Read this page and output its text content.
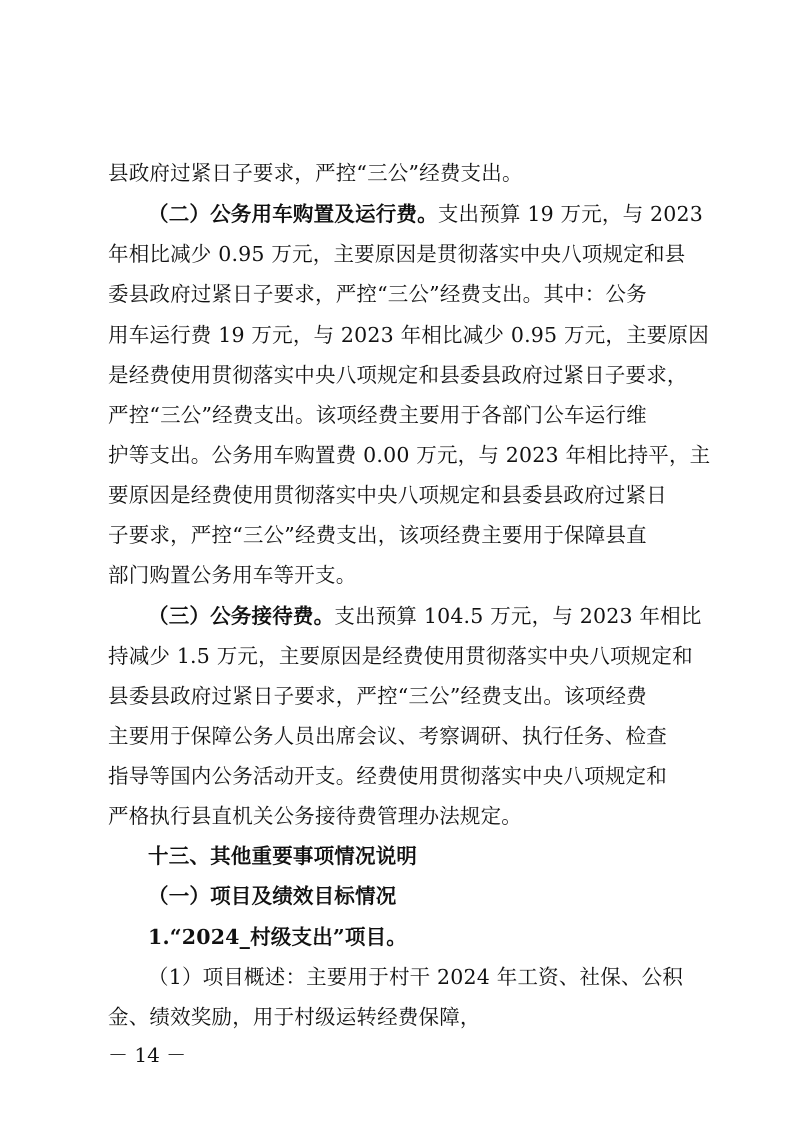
县政府过紧日子要求，严控“三公”经费支出。
（二）公务用车购置及运行费。支出预算 19 万元，与 2023
年相比减少 0.95 万元，主要原因是贯彻落实中央八项规定和县
委县政府过紧日子要求，严控“三公”经费支出。其中：公务
用车运行费 19 万元，与 2023 年相比减少 0.95 万元，主要原因
是经费使用贯彻落实中央八项规定和县委县政府过紧日子要求，
严控“三公”经费支出。该项经费主要用于各部门公车运行维
护等支出。公务用车购置费 0.00 万元，与 2023 年相比持平，主
要原因是经费使用贯彻落实中央八项规定和县委县政府过紧日
子要求，严控“三公”经费支出，该项经费主要用于保障县直
部门购置公务用车等开支。
（三）公务接待费。支出预算 104.5 万元，与 2023 年相比
持减少 1.5 万元，主要原因是经费使用贯彻落实中央八项规定和
县委县政府过紧日子要求，严控“三公”经费支出。该项经费
主要用于保障公务人员出席会议、考察调研、执行任务、检查
指导等国内公务活动开支。经费使用贯彻落实中央八项规定和
严格执行县直机关公务接待费管理办法规定。
十三、其他重要事项情况说明
（一）项目及绩效目标情况
1.“2024_村级支出”项目。
（1）项目概述：主要用于村干 2024 年工资、社保、公积
金、绩效奖励，用于村级运转经费保障，
－ 14 －
